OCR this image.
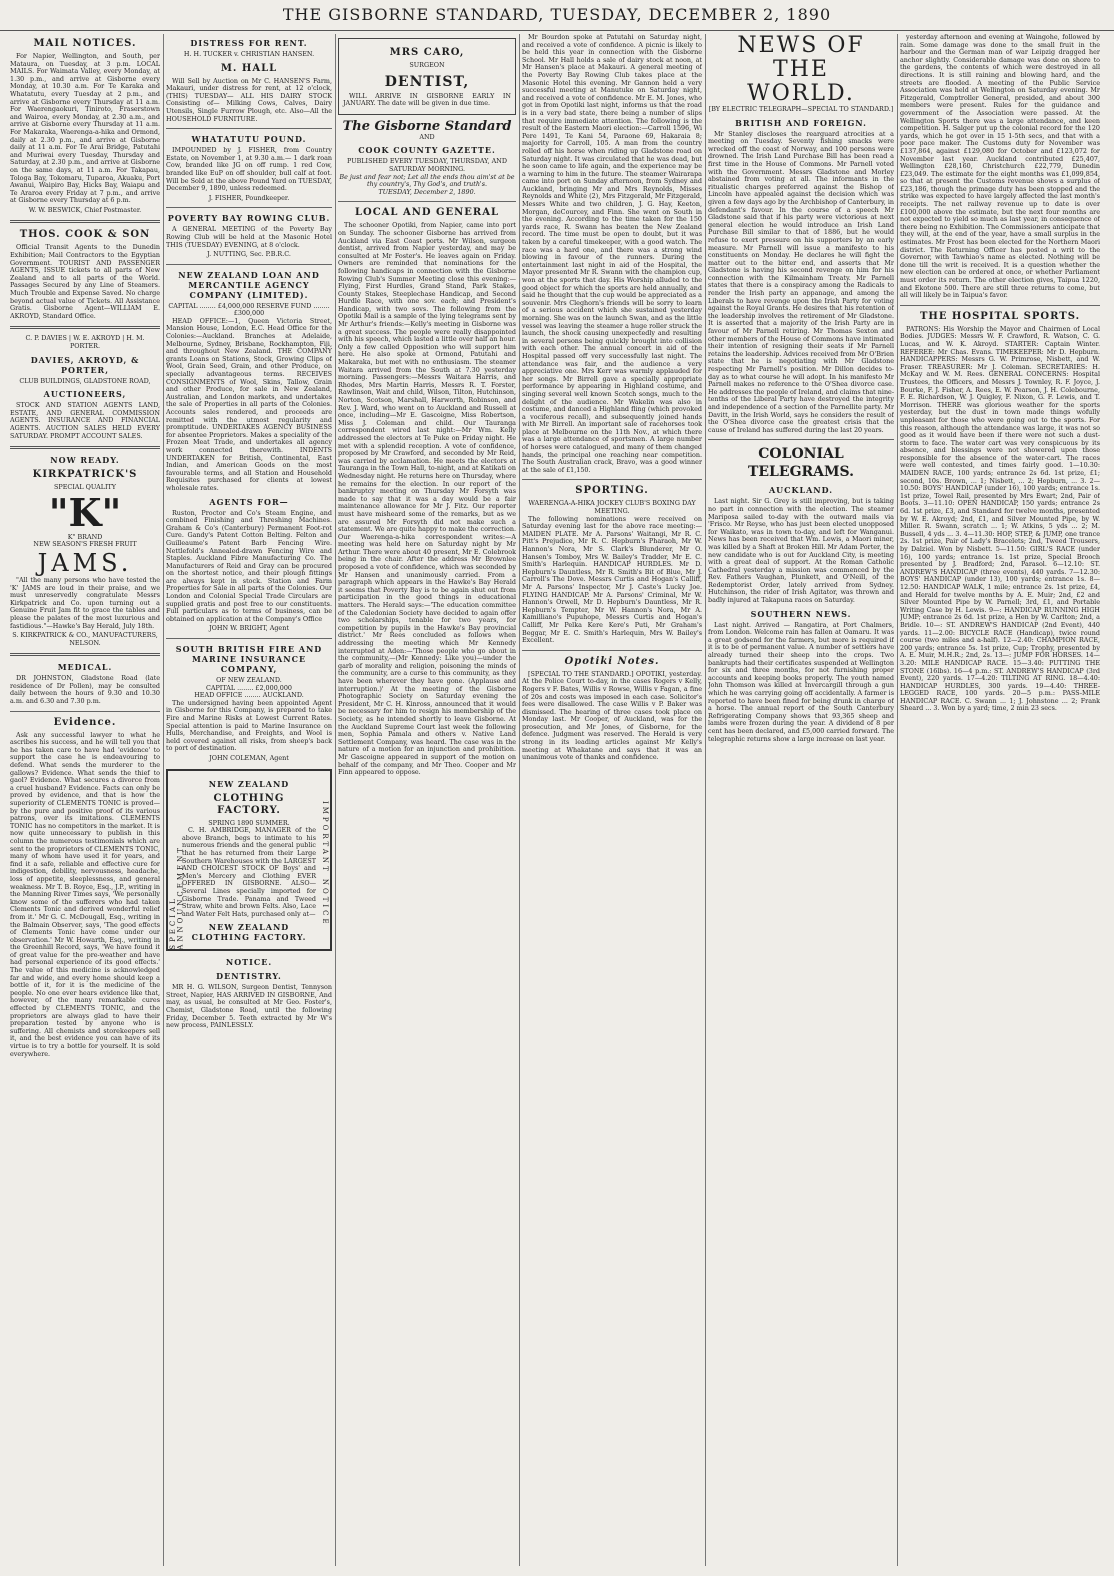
THE GISBORNE STANDARD, TUESDAY, DECEMBER 2, 1890
MAIL NOTICES.

For Napier, Wellington, and South, per Mataura, on Tuesday, at 3 p.m. LOCAL MAILS. For Waimata Valley, every Monday, at 1.30 p.m., and arrive at Gisborne every Monday, at 10.30 a.m. For Te Karaka and Whatatutu, every Tuesday at 2 p.m., and arrive at Gisborne every Thursday at 11 a.m. For Waerengaokuri, Tiniroto, Fraserstown and Wairoa, every Monday, at 2.30 a.m., and arrive at Gisborne every Thursday at 11 a.m. For Makaraka, Waerenga-a-hika and Ormond, daily at 2.30 p.m., and arrive at Gisborne daily at 11 a.m. For Te Arai Bridge, Patutahi and Muriwai every Tuesday, Thursday and Saturday, at 2.30 p.m., and arrive at Gisborne on the same days, at 11 a.m. For Takapau, Tologa Bay, Tokomaru, Tuparoa, Akuaku, Port Awanui, Waipiro Bay, Hicks Bay, Waiapu and Te Araroa every Friday at 7 p.m., and arrive at Gisborne every Thursday at 6 p.m.

W. W. BESWICK, Chief Postmaster.
THOS. COOK & SON

Official Transit Agents to the Dunedin Exhibition; Mail Contractors to the Egyptian Government. TOURIST AND PASSENGER AGENTS, ISSUE tickets to all parts of New Zealand and to all parts of the World. Passages Secured by any Line of Steamers. Much Trouble and Expense Saved. No charge beyond actual value of Tickets. All Assistance Gratis. Gisborne Agent—WILLIAM E. AKROYD, Standard Office.

C. P. DAVIES | W. E. AKROYD | H. M. PORTER.
DAVIES, AKROYD, & PORTER,
CLUB BUILDINGS, GLADSTONE ROAD,
AUCTIONEERS,

STOCK AND STATION AGENTS LAND, ESTATE, AND GENERAL COMMISSION AGENTS. INSURANCE AND FINANCIAL AGENTS. AUCTION SALES HELD EVERY SATURDAY. PROMPT ACCOUNT SALES.

NOW READY.
KIRKPATRICK'S
SPECIAL QUALITY
"K"
K" BRAND
NEW SEASON'S FRESH FRUIT
JAMS.

"All the many persons who have tested the 'K' JAMS are loud in their praise, and we must unreservedly congratulate Messrs Kirkpatrick and Co. upon turning out a Genuine Fruit Jam fit to grace the tables and please the palates of the most luxurious and fastidious."—Hawke's Bay Herald, July 18th.

S. KIRKPATRICK & CO., MANUFACTURERS, NELSON.
MEDICAL.

DR JOHNSTON, Gladstone Road (late residence of Dr Pollen), may be consulted daily between the hours of 9.30 and 10.30 a.m. and 6.30 and 7.30 p.m.

Evidence.

Ask any successful lawyer to what he ascribes his success, and he will tell you that he has taken care to have had 'evidence' to support the case he is endeavouring to defend. What sends the murderer to the gallows? Evidence. What sends the thief to gaol? Evidence. What secures a divorce from a cruel husband? Evidence. Facts can only be proved by evidence, and that is how the superiority of CLEMENTS TONIC is proved—by the pure and positive proof of its various patrons, over its imitations. CLEMENTS TONIC has no competitors in the market. It is now quite unnecessary to publish in this column the numerous testimonials which are sent to the proprietors of CLEMENTS TONIC, many of whom have used it for years, and find it a safe, reliable and effective cure for indigestion, debility, nervousness, headache, loss of appetite, sleeplessness, and general weakness. Mr T. B. Royce, Esq., J.P., writing in the Manning River Times says, 'We personally know some of the sufferers who had taken Clements Tonic and derived wonderful relief from it.' Mr G. C. McDougall, Esq., writing in the Balmain Observer, says, 'The good effects of Clements Tonic have come under our observation.' Mr W. Howarth, Esq., writing in the Greenhill Record, says, 'We have found it of great value for the pre-weather and have had personal experience of its good effects.' The value of this medicine is acknowledged far and wide, and every home should keep a bottle of it, for it is the medicine of the people. No one ever hears evidence like that, however, of the many remarkable cures effected by CLEMENTS TONIC, and the proprietors are always glad to have their preparation tested by anyone who is suffering. All chemists and storekeepers sell it, and the best evidence you can have of its virtue is to try a bottle for yourself. It is sold everywhere.

DISTRESS FOR RENT.
H. H. TUCKER v. CHRISTIAN HANSEN.
M. HALL

Will Sell by Auction on Mr C. HANSEN'S Farm, Makauri, under distress for rent, at 12 o'clock, (THIS) TUESDAY— ALL HIS DAIRY STOCK Consisting of— Milking Cows, Calves, Dairy Utensils, Single Furrow Plough, etc. Also—All the HOUSEHOLD FURNITURE.

WHATATUTU POUND.

IMPOUNDED by J. FISHER, from Country Estate, on November 1, at 9.30 a.m.— 1 dark roan Cow, branded like JG on off rump. 1 red Cow, branded like EuP on off shoulder, bull calf at foot. Will be Sold at the above Pound Yard on TUESDAY, December 9, 1890, unless redeemed.

J. FISHER, Poundkeeper.
POVERTY BAY ROWING CLUB.

A GENERAL MEETING of the Poverty Bay Rowing Club will be held at the Masonic Hotel THIS (TUESDAY) EVENING, at 8 o'clock.

J. NUTTING, Sec. P.B.R.C.
NEW ZEALAND LOAN AND MERCANTILE AGENCY COMPANY (LIMITED).
CAPITAL ........ £4,000,000 RESERVE FUND ........ £300,000

HEAD OFFICE:—1, Queen Victoria Street, Mansion House, London, E.C. Head Office for the Colonies:—Auckland. Branches at Adelaide, Melbourne, Sydney, Brisbane, Rockhampton, Fiji, and throughout New Zealand. THE COMPANY grants Loans on Stations, Stock, Growing Clips of Wool, Grain Seed, Grain, and other Produce, on specially advantageous terms. RECEIVES CONSIGNMENTS of Wool, Skins, Tallow, Grain and other Produce, for sale in New Zealand, Australian, and London markets, and undertakes the sale of Properties in all parts of the Colonies. Accounts sales rendered, and proceeds are remitted with the utmost regularity and promptitude. UNDERTAKES AGENCY BUSINESS for absentee Proprietors. Makes a speciality of the Frozen Meat Trade, and undertakes all agency work connected therewith. INDENTS UNDERTAKEN for British, Continental, East Indian, and American Goods on the most favourable terms, and all Station and Household Requisites purchased for clients at lowest wholesale rates.

AGENTS FOR—

Ruston, Proctor and Co's Steam Engine, and combined Finishing and Threshing Machines. Graham & Co's (Canterbury) Permanent Foot-rot Cure. Gandy's Patent Cotton Belting. Felton and Guilleaume's Patent Barb Fencing Wire. Nettlefold's Annealed-drawn Fencing Wire and Staples. Auckland Fibre Manufacturing Co. The Manufacturers of Reid and Gray can be procured on the shortest notice, and their plough fittings are always kept in stock. Station and Farm Properties for Sale in all parts of the Colonies. Our London and Colonial Special Trade Circulars are supplied gratis and post free to our constituents. Full particulars as to terms of business, can be obtained on application at the Company's Office

JOHN W. BRIGHT, Agent
SOUTH BRITISH FIRE AND MARINE INSURANCE COMPANY,
OF NEW ZEALAND.
CAPITAL ........ £2,000,000
HEAD OFFICE ........ AUCKLAND.

The undersigned having been appointed Agent in Gisborne for this Company, is prepared to take Fire and Marine Risks at Lowest Current Rates. Special attention is paid to Marine Insurance on Hulls, Merchandise, and Freights, and Wool is held covered against all risks, from sheep's back to port of destination.

JOHN COLEMAN, Agent
SPECIAL ANNOUNCEMENT	IMPORTANT NOTICE
NEW ZEALAND
CLOTHING FACTORY.
SPRING 1890 SUMMER.

C. H. AMBRIDGE, MANAGER of the above Branch, begs to intimate to his numerous friends and the general public that he has returned from their Large Southern Warehouses with the LARGEST AND CHOICEST STOCK OF Boys' and Men's Mercery and Clothing EVER OFFERED IN GISBORNE. ALSO— Several Lines specially imported for Gisborne Trade. Panama and Tweed Straw, white and brown Felts. Also, Lace and Water Felt Hats, purchased only at—

NEW ZEALAND CLOTHING FACTORY.
NOTICE.
DENTISTRY.

MR H. G. WILSON, Surgeon Dentist, Tennyson Street, Napier, HAS ARRIVED IN GISBORNE, And may, as usual, be consulted at Mr Geo. Foster's, Chemist, Gladstone Road, until the following Friday, December 5. Teeth extracted by Mr W's new process, PAINLESSLY.

MRS CARO,
SURGEON
DENTIST,

WILL ARRIVE IN GISBORNE EARLY IN JANUARY. The date will be given in due time.

The Gisborne Standard
AND
COOK COUNTY GAZETTE.
PUBLISHED EVERY TUESDAY, THURSDAY, AND SATURDAY MORNING.
Be just and fear not; Let all the ends thou aim'st at be thy country's, Thy God's, and truth's.
TUESDAY, December 2, 1890.
LOCAL AND GENERAL

The schooner Opotiki, from Napier, came into port on Sunday. The schooner Gisborne has arrived from Auckland via East Coast ports. Mr Wilson, surgeon dentist, arrived from Napier yesterday, and may be consulted at Mr Foster's. He leaves again on Friday. Owners are reminded that nominations for the following handicaps in connection with the Gisborne Rowing Club's Summer Meeting close this evening:—Flying, First Hurdles, Grand Stand, Park Stakes, County Stakes, Steeplechase Handicap, and Second Hurdle Race, with one sov. each; and President's Handicap, with two sovs. The following from the Opotiki Mail is a sample of the lying telegrams sent by Mr Arthur's friends:—Kelly's meeting in Gisborne was a great success. The people were really disappointed with his speech, which lasted a little over half an hour. Only a few called Opposition who will support him here. He also spoke at Ormond, Patutahi and Makaraka, but met with no enthusiasm. The steamer Waitara arrived from the South at 7.30 yesterday morning. Passengers:—Messrs Waitara Harris, and Rhodes, Mrs Martin Harris, Messrs R. T. Forster, Rawlinson, Wait and child, Wilson, Tilton, Hutchinson, Norton, Scotson, Marshall, Harworth, Robinson, and Rev. J. Ward, who went on to Auckland and Russell at once, including—Mr E. Gascoigne, Miss Robertson, Miss J. Coleman and child. Our Tauranga correspondent wired last night:—Mr Wm. Kelly addressed the electors at Te Puke on Friday night. He met with a splendid reception. A vote of confidence, proposed by Mr Crawford, and seconded by Mr Reid, was carried by acclamation. He meets the electors at Tauranga in the Town Hall, to-night, and at Katikati on Wednesday night. He returns here on Thursday, where he remains for the election. In our report of the bankruptcy meeting on Thursday Mr Forsyth was made to say that it was a day would be a fair maintenance allowance for Mr J. Fitz. Our reporter must have misheard some of the remarks, but as we are assured Mr Forsyth did not make such a statement. We are quite happy to make the correction. Our Waerenga-a-hika correspondent writes:—A meeting was held here on Saturday night by Mr Arthur. There were about 40 present, Mr E. Colebrook being in the chair. After the address Mr Brownlee proposed a vote of confidence, which was seconded by Mr Hansen and unanimously carried. From a paragraph which appears in the Hawke's Bay Herald it seems that Poverty Bay is to be again shut out from participation in the good things in educational matters. The Herald says:—'The education committee of the Caledonian Society have decided to again offer two scholarships, tenable for two years, for competition by pupils in the Hawke's Bay provincial district.' Mr Rees concluded as follows when addressing the meeting which Mr Kennedy interrupted at Aden:—'Those people who go about in the community,—(Mr Kennedy: Like you)—under the garb of morality and religion, poisoning the minds of the community, are a curse to this community, as they have been wherever they have gone. (Applause and interruption.)' At the meeting of the Gisborne Photographic Society on Saturday evening the President, Mr C. H. Kinross, announced that it would be necessary for him to resign his membership of the Society, as he intended shortly to leave Gisborne. At the Auckland Supreme Court last week the following men, Sophia Pamala and others v. Native Land Settlement Company, was heard. The case was in the nature of a motion for an injunction and prohibition. Mr Gascoigne appeared in support of the motion on behalf of the company, and Mr Theo. Cooper and Mr Finn appeared to oppose.

Mr Bourdon spoke at Patutahi on Saturday night, and received a vote of confidence. A picnic is likely to be held this year in connection with the Gisborne School. Mr Hall holds a sale of dairy stock at noon, at Mr Hansen's place at Makauri. A general meeting of the Poverty Bay Rowing Club takes place at the Masonic Hotel this evening. Mr Gannon held a very successful meeting at Manutuke on Saturday night, and received a vote of confidence. Mr E. M. Jones, who got in from Opotiki last night, informs us that the road is in a very bad state, there being a number of slips that require immediate attention. The following is the result of the Eastern Maori election:—Carroll 1596, Wi Pere 1491, Te Kani 54, Paraone 69, Hakaraia 8; majority for Carroll, 105. A man from the country rolled off his horse when riding up Gladstone road on Saturday night. It was circulated that he was dead, but he soon came to life again, and the experience may be a warning to him in the future. The steamer Wairarapa came into port on Sunday afternoon, from Sydney and Auckland, bringing Mr and Mrs Reynolds, Misses Reynolds and White (2), Mrs Fitzgerald, Mr Fitzgerald, Messrs White and two children, J. G. Hay, Keeton, Morgan, deCourcey, and Finn. She went on South in the evening. According to the time taken for the 150 yards race, R. Swann has beaten the New Zealand record. The time must be open to doubt, but it was taken by a careful timekeeper, with a good watch. The race was a hard one, and there was a strong wind blowing in favour of the runners. During the entertainment last night in aid of the Hospital, the Mayor presented Mr R. Swann with the champion cup, won at the sports that day. His Worship alluded to the good object for which the sports are held annually, and said he thought that the cup would be appreciated as a souvenir. Mrs Cleghorn's friends will be sorry to learn of a serious accident which she sustained yesterday morning. She was on the launch Swan, and as the little vessel was leaving the steamer a huge roller struck the launch, the shock causing unexpectedly and resulting in several persons being quickly brought into collision with each other. The annual concert in aid of the Hospital passed off very successfully last night. The attendance was fair, and the audience a very appreciative one. Mrs Kerr was warmly applauded for her songs. Mr Birrell gave a specially appropriate performance by appearing in Highland costume, and singing several well known Scotch songs, much to the delight of the audience. Mr Wakelin was also in costume, and danced a Highland fling (which provoked a vociferous recall), and subsequently joined hands with Mr Birrell. An important sale of racehorses took place at Melbourne on the 11th Nov., at which there was a large attendance of sportsmen. A large number of horses were catalogued, and many of them changed hands, the principal one reaching near competition. The South Australian crack, Bravo, was a good winner at the sale of £1,150.

SPORTING.
WAERENGA-A-HIKA JOCKEY CLUB'S BOXING DAY MEETING.

The following nominations were received on Saturday evening last for the above race meeting:— MAIDEN PLATE. Mr A. Parsons' Waitangi, Mr R. C. Pitt's Prejudice, Mr R. C. Hepburn's Pharaoh, Mr W. Hannon's Nora, Mr S. Clark's Blunderer, Mr O. Hansen's Tomboy, Mrs W. Bailey's Tradder, Mr E. C. Smith's Harlequin. HANDICAP HURDLES. Mr D. Hepburn's Dauntless, Mr R. Smith's Bit of Blue, Mr J. Carroll's The Dove. Messrs Curtis and Hogan's Calliff, Mr A. Parsons' Inspector, Mr J. Caste's Lucky Joe. FLYING HANDICAP. Mr A. Parsons' Criminal, Mr W. Hannon's Orwell, Mr D. Hepburn's Dauntless, Mr R. Hepburn's Tempter, Mr W. Hannon's Nora, Mr A. Kamilliano's Pupuhope, Messrs Curtis and Hogan's Calliff, Mr Pelka Kere Kere's Puti, Mr Graham's Beggar, Mr E. C. Smith's Harlequin, Mrs W. Bailey's Excellent.

Opotiki Notes.

[SPECIAL TO THE STANDARD.] OPOTIKI, yesterday. At the Police Court to-day, in the cases Rogers v Kelly, Rogers v F. Bates, Willis v Rowse, Willis v Fagan, a fine of 20s and costs was imposed in each case. Solicitor's fees were disallowed. The case Willis v P. Baker was dismissed. The hearing of three cases took place on Monday last. Mr Cooper, of Auckland, was for the prosecution, and Mr Jones, of Gisborne, for the defence. Judgment was reserved. The Herald is very strong in its leading articles against Mr Kelly's meeting at Whakatane and says that it was an unanimous vote of thanks and confidence.

NEWS OF THE
WORLD.
[BY ELECTRIC TELEGRAPH—SPECIAL TO STANDARD.]
BRITISH AND FOREIGN.

Mr Stanley discloses the rearguard atrocities at a meeting on Tuesday. Seventy fishing smacks were wrecked off the coast of Norway, and 100 persons were drowned. The Irish Land Purchase Bill has been read a first time in the House of Commons. Mr Parnell voted with the Government. Messrs Gladstone and Morley abstained from voting at all. The informants in the ritualistic charges preferred against the Bishop of Lincoln have appealed against the decision which was given a few days ago by the Archbishop of Canterbury, in defendant's favour. In the course of a speech Mr Gladstone said that if his party were victorious at next general election he would introduce an Irish Land Purchase Bill similar to that of 1886, but he would refuse to exert pressure on his supporters by an early measure. Mr Parnell will issue a manifesto to his constituents on Monday. He declares he will fight the matter out to the bitter end, and asserts that Mr Gladstone is having his second revenge on him for his connection with the Kilmainham Treaty. Mr Parnell states that there is a conspiracy among the Radicals to render the Irish party an appanage, and among the Liberals to have revenge upon the Irish Party for voting against the Royal Grants. He desires that his retention of the leadership involves the retirement of Mr Gladstone. It is asserted that a majority of the Irish Party are in favour of Mr Parnell retiring. Mr Thomas Sexton and other members of the House of Commons have intimated their intention of resigning their seats if Mr Parnell retains the leadership. Advices received from Mr O'Brien state that he is negotiating with Mr Gladstone respecting Mr Parnell's position. Mr Dillon decides to-day as to what course he will adopt. In his manifesto Mr Parnell makes no reference to the O'Shea divorce case. He addresses the people of Ireland, and claims that nine-tenths of the Liberal Party have destroyed the integrity and independence of a section of the Parnellite party. Mr Davitt, in the Irish World, says he considers the result of the O'Shea divorce case the greatest crisis that the cause of Ireland has suffered during the last 20 years.

COLONIAL TELEGRAMS.
AUCKLAND.

Last night. Sir G. Grey is still improving, but is taking no part in connection with the election. The steamer Mariposa sailed to-day with the outward mails via 'Frisco. Mr Reyse, who has just been elected unopposed for Waikato, was in town to-day, and left for Wanganui. News has been received that Wm. Lewis, a Maori miner, was killed by a Shaft at Broken Hill. Mr Adam Porter, the new candidate who is out for Auckland City, is meeting with a great deal of support. At the Roman Catholic Cathedral yesterday a mission was commenced by the Rev. Fathers Vaughan, Plunkett, and O'Neill, of the Redemptorist Order, lately arrived from Sydney. Hutchinson, the rider of Irish Agitator, was thrown and badly injured at Takapuna races on Saturday.

SOUTHERN NEWS.

Last night. Arrived — Rangatira, at Port Chalmers, from London. Welcome rain has fallen at Oamaru. It was a great godsend for the farmers, but more is required if it is to be of permanent value. A number of settlers have already turned their sheep into the crops. Two bankrupts had their certificates suspended at Wellington for six and three months, for not furnishing proper accounts and keeping books properly. The youth named John Thomson was killed at Invercargill through a gun which he was carrying going off accidentally. A farmer is reported to have been fined for being drunk in charge of a horse. The annual report of the South Canterbury Refrigerating Company shows that 93,365 sheep and lambs were frozen during the year. A dividend of 8 per cent has been declared, and £5,000 carried forward. The telegraphic returns show a large increase on last year.

yesterday afternoon and evening at Waingohe, followed by rain. Some damage was done to the small fruit in the harbour and the German man of war Leipzig dragged her anchor slightly. Considerable damage was done on shore to the gardens, the contents of which were destroyed in all directions. It is still raining and blowing hard, and the streets are flooded. A meeting of the Public Service Association was held at Wellington on Saturday evening. Mr Fitzgerald, Comptroller General, presided, and about 300 members were present. Rules for the guidance and government of the Association were passed. At the Wellington Sports there was a large attendance, and keen competition. H. Salger put up the colonial record for the 120 yards, which he got over in 15 1-5th secs, and that with a poor pace maker. The Customs duty for November was £137,864, against £129,080 for October and £123,072 for November last year. Auckland contributed £25,407, Wellington £28,160, Christchurch £22,779, Dunedin £23,049. The estimate for the eight months was £1,099,854, so that at present the Customs revenue shows a surplus of £23,186, though the primage duty has been stopped and the strike was expected to have largely affected the last month's receipts. The net railway revenue up to date is over £100,000 above the estimate, but the next four months are not expected to yield so much as last year, in consequence of there being no Exhibition. The Commissioners anticipate that they will, at the end of the year, have a small surplus in the estimates. Mr Frost has been elected for the Northern Maori district. The Returning Officer has posted a writ to the Governor, with Tawhiao's name as elected. Nothing will be done till the writ is received. It is a question whether the new election can be ordered at once, or whether Parliament must order its return. The other election gives, Taipua 1220, and Ekotone 500. There are still three returns to come, but all will likely be in Taipua's favor.

THE HOSPITAL SPORTS.

PATRONS: His Worship the Mayor and Chairmen of Local Bodies. JUDGES: Messrs W. F. Crawford, R. Watson, C. G. Lucas, and W. K. Akroyd. STARTER: Captain Winter. REFEREE: Mr Chas. Evans. TIMEKEEPER: Mr D. Hepburn. HANDICAPPERS: Messrs G. W. Primrose, Nisbett, and W. Fraser. TREASURER: Mr J. Coleman. SECRETARIES: H. McKay and W. M. Rees. GENERAL CONCERNS: Hospital Trustees, the Officers, and Messrs J. Townley, R. F. Joyce, J. Bourke, F. J. Fisher, A. Rees, E. W. Pearson, J. H. Colebourne, F. E. Richardson, W. J. Quigley, F. Nixon, G. F. Lewis, and T. Morrison. THERE was glorious weather for the sports yesterday, but the dust in town made things wofully unpleasant for those who were going out to the sports. For this reason, although the attendance was large, it was not so good as it would have been if there were not such a dust-storm to face. The water cart was very conspicuous by its absence, and blessings were not showered upon those responsible for the absence of the water-cart. The races were well contested, and times fairly good. 1—10.30: MAIDEN RACE, 100 yards; entrance 2s 6d. 1st prize, £1; second, 10s. Brown, ... 1; Nisbett, ... 2; Hepburn, ... 3. 2—10.50: BOYS' HANDICAP (under 16), 100 yards; entrance 1s. 1st prize, Towel Rail, presented by Mrs Ewart; 2nd, Pair of Boots. 3—11.10: OPEN HANDICAP, 150 yards; entrance 2s 6d. 1st prize, £3, and Standard for twelve months, presented by W. E. Akroyd; 2nd, £1, and Silver Mounted Pipe, by W. Miller. R. Swann, scratch ... 1; W. Atkins, 5 yds ... 2; M. Bussell, 4 yds ... 3. 4—11.30: HOP, STEP, & JUMP, one trance 2s. 1st prize, Pair of Lady's Bracelets; 2nd, Tweed Trousers, by Dalziel. Won by Nisbett. 5—11.50: GIRL'S RACE (under 16), 100 yards; entrance 1s. 1st prize, Special Brooch presented by J. Bradford; 2nd, Parasol. 6—12.10: ST. ANDREW'S HANDICAP (three events), 440 yards. 7—12.30: BOYS' HANDICAP (under 13), 100 yards; entrance 1s. 8—12.50: HANDICAP WALK, 1 mile; entrance 2s. 1st prize, £4, and Herald for twelve months by A. E. Muir; 2nd, £2 and Silver Mounted Pipe by W. Parnell; 3rd, £1, and Portable Writing Case by H. Lewis. 9—: HANDICAP RUNNING HIGH JUMP; entrance 2s 6d. 1st prize, a Hen by W. Carlton; 2nd, a Bridle. 10—: ST. ANDREW'S HANDICAP (2nd Event), 440 yards. 11—2.00: BICYCLE RACE (Handicap), twice round course (two miles and a-half). 12—2.40: CHAMPION RACE, 200 yards; entrance 5s. 1st prize, Cup; Trophy, presented by A. E. Muir, M.H.R.; 2nd, 2s. 13—: JUMP FOR HORSES. 14—3.20: MILE HANDICAP RACE. 15—3.40: PUTTING THE STONE (16lbs). 16—4 p.m.: ST. ANDREW'S HANDICAP (3rd Event), 220 yards. 17—4.20: TILTING AT RING. 18—4.40: HANDICAP HURDLES, 300 yards. 19—4.40: THREE-LEGGED RACE, 100 yards. 20—5 p.m.: PASS-MILE HANDICAP RACE. C. Swann ... 1; J. Johnstone ... 2; Frank Sheard ... 3. Won by a yard; time, 2 min 23 secs.
